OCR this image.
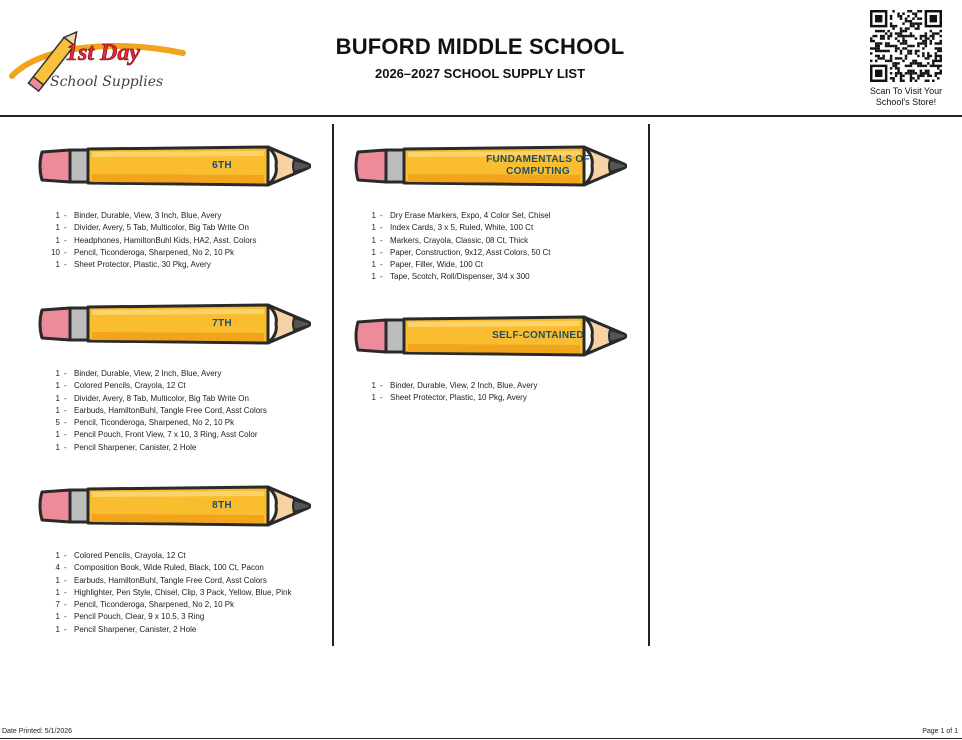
1st Day
School Supplies
BUFORD MIDDLE SCHOOL
2026–2027 SCHOOL SUPPLY LIST
Scan To Visit Your
School's Store!
6TH
1 - Binder, Durable, View, 3 Inch, Blue, Avery
1 - Divider, Avery, 5 Tab, Multicolor, Big Tab Write On
1 - Headphones, HamiltonBuhl Kids, HA2, Asst. Colors
10 - Pencil, Ticonderoga, Sharpened, No 2, 10 Pk
1 - Sheet Protector, Plastic, 30 Pkg, Avery
7TH
1 - Binder, Durable, View, 2 Inch, Blue, Avery
1 - Colored Pencils, Crayola, 12 Ct
1 - Divider, Avery, 8 Tab, Multicolor, Big Tab Write On
1 - Earbuds, HamiltonBuhl, Tangle Free Cord, Asst Colors
5 - Pencil, Ticonderoga, Sharpened, No 2, 10 Pk
1 - Pencil Pouch, Front View, 7 x 10, 3 Ring, Asst Color
1 - Pencil Sharpener, Canister, 2 Hole
8TH
1 - Colored Pencils, Crayola, 12 Ct
4 - Composition Book, Wide Ruled, Black, 100 Ct, Pacon
1 - Earbuds, HamiltonBuhl, Tangle Free Cord, Asst Colors
1 - Highlighter, Pen Style, Chisel, Clip, 3 Pack, Yellow, Blue, Pink
7 - Pencil, Ticonderoga, Sharpened, No 2, 10 Pk
1 - Pencil Pouch, Clear, 9 x 10.5, 3 Ring
1 - Pencil Sharpener, Canister, 2 Hole
FUNDAMENTALS OF
COMPUTING
1 - Dry Erase Markers, Expo, 4 Color Set, Chisel
1 - Index Cards, 3 x 5, Ruled, White, 100 Ct
1 - Markers, Crayola, Classic, 08 Ct, Thick
1 - Paper, Construction, 9x12, Asst Colors, 50 Ct
1 - Paper, Filler, Wide, 100 Ct
1 - Tape, Scotch, Roll/Dispenser, 3/4 x 300
SELF-CONTAINED
1 - Binder, Durable, View, 2 Inch, Blue, Avery
1 - Sheet Protector, Plastic, 10 Pkg, Avery
Date Printed: 5/1/2026	Page 1 of 1
